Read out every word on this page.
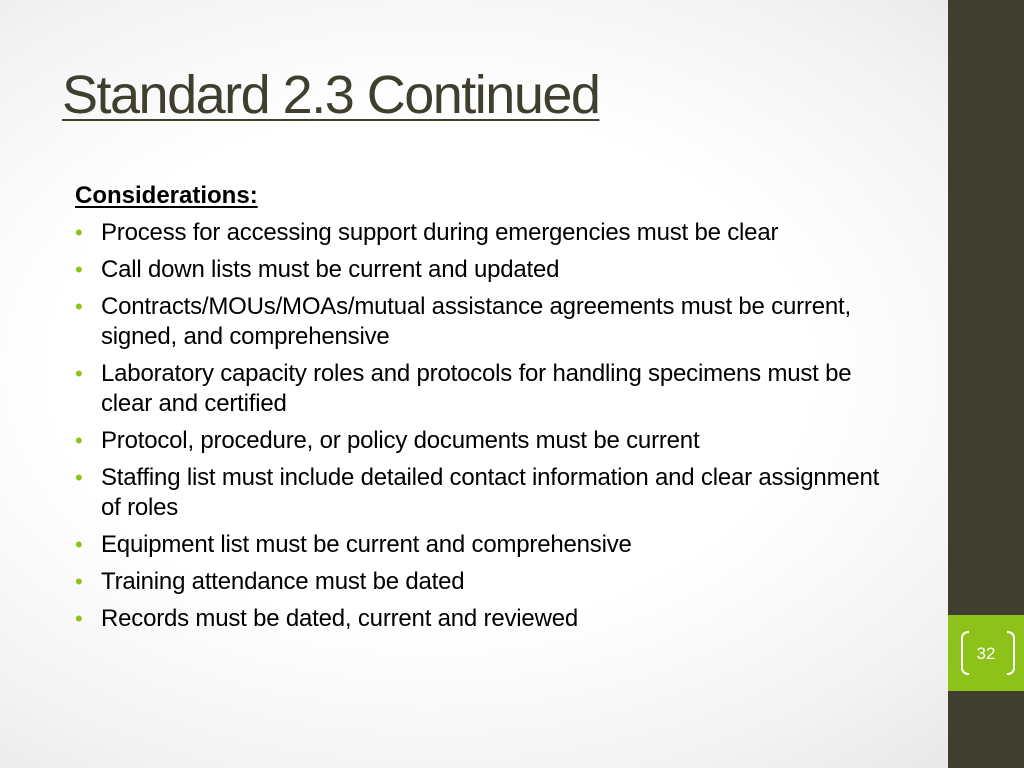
Standard 2.3 Continued
Considerations:
• Process for accessing support during emergencies must be clear
• Call down lists must be current and updated
• Contracts/MOUs/MOAs/mutual assistance agreements must be current, signed, and comprehensive
• Laboratory capacity roles and protocols for handling specimens must be clear and certified
• Protocol, procedure, or policy documents must be current
• Staffing list must include detailed contact information and clear assignment of roles
• Equipment list must be current and comprehensive
• Training attendance must be dated
• Records must be dated, current and reviewed
32
